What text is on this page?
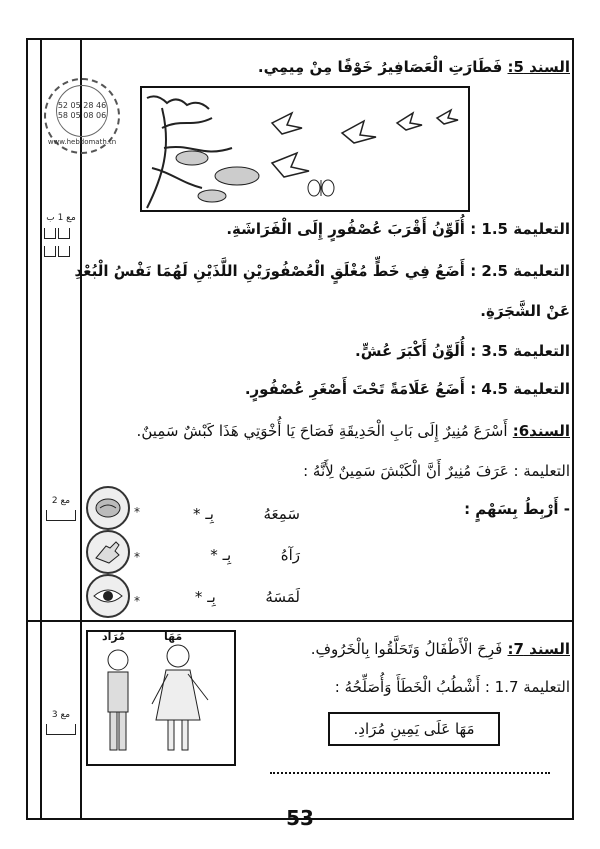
52 05 28 46
58 05 08 06
www.hebdomath.tn
مع 1 ب
مع 2
مع 3
السند 5: فَطَارَتِ الْعَصَافِيرُ خَوْفًا مِنْ مِيمِي.
التعليمة 1.5 : أُلَوِّنُ أَقْرَبَ عُصْفُورٍ إِلَى الْفَرَاشَةِ.
التعليمة 2.5 : أَضَعُ فِي خَطٍّ مُغْلَقٍ الْعُصْفُورَيْنِ اللَّذَيْنِ لَهُمَا نَفْسُ الْبُعْدِ
عَنْ الشَّجَرَةِ.
التعليمة 3.5 : أُلَوِّنُ أَكْبَرَ عُشٍّ.
التعليمة 4.5 : أَضَعُ عَلَامَةً تَحْتَ أَصْغَرِ عُصْفُورٍ.
السند6: أَسْرَعَ مُنِيرٌ إِلَى بَابِ الْحَدِيقَةِ فَصَاحَ يَا أُخْوَتِي هَذَا كَبْشٌ سَمِينٌ.
التعليمة : عَرَفَ مُنِيرٌ أَنَّ الْكَبْشَ سَمِينٌ لِأَنَّهُ :
- أَرْبِطُ بِسَهْمٍ :
سَمِعَهُ  بِـ *
رَآهُ  بِـ *
لَمَسَهُ  بِـ *
*
*
*
السند 7: فَرِحَ الْأَطْفَالُ وَتَحَلَّقُوا بِالْخَرُوفِ.
التعليمة 1.7 : أَشْطُبُ الْخَطَأَ وَأُصَلِّحُهُ :
مَهَا عَلَى يَمِينِ مُرَادِ.
مُرَاد	مَهَا
53
